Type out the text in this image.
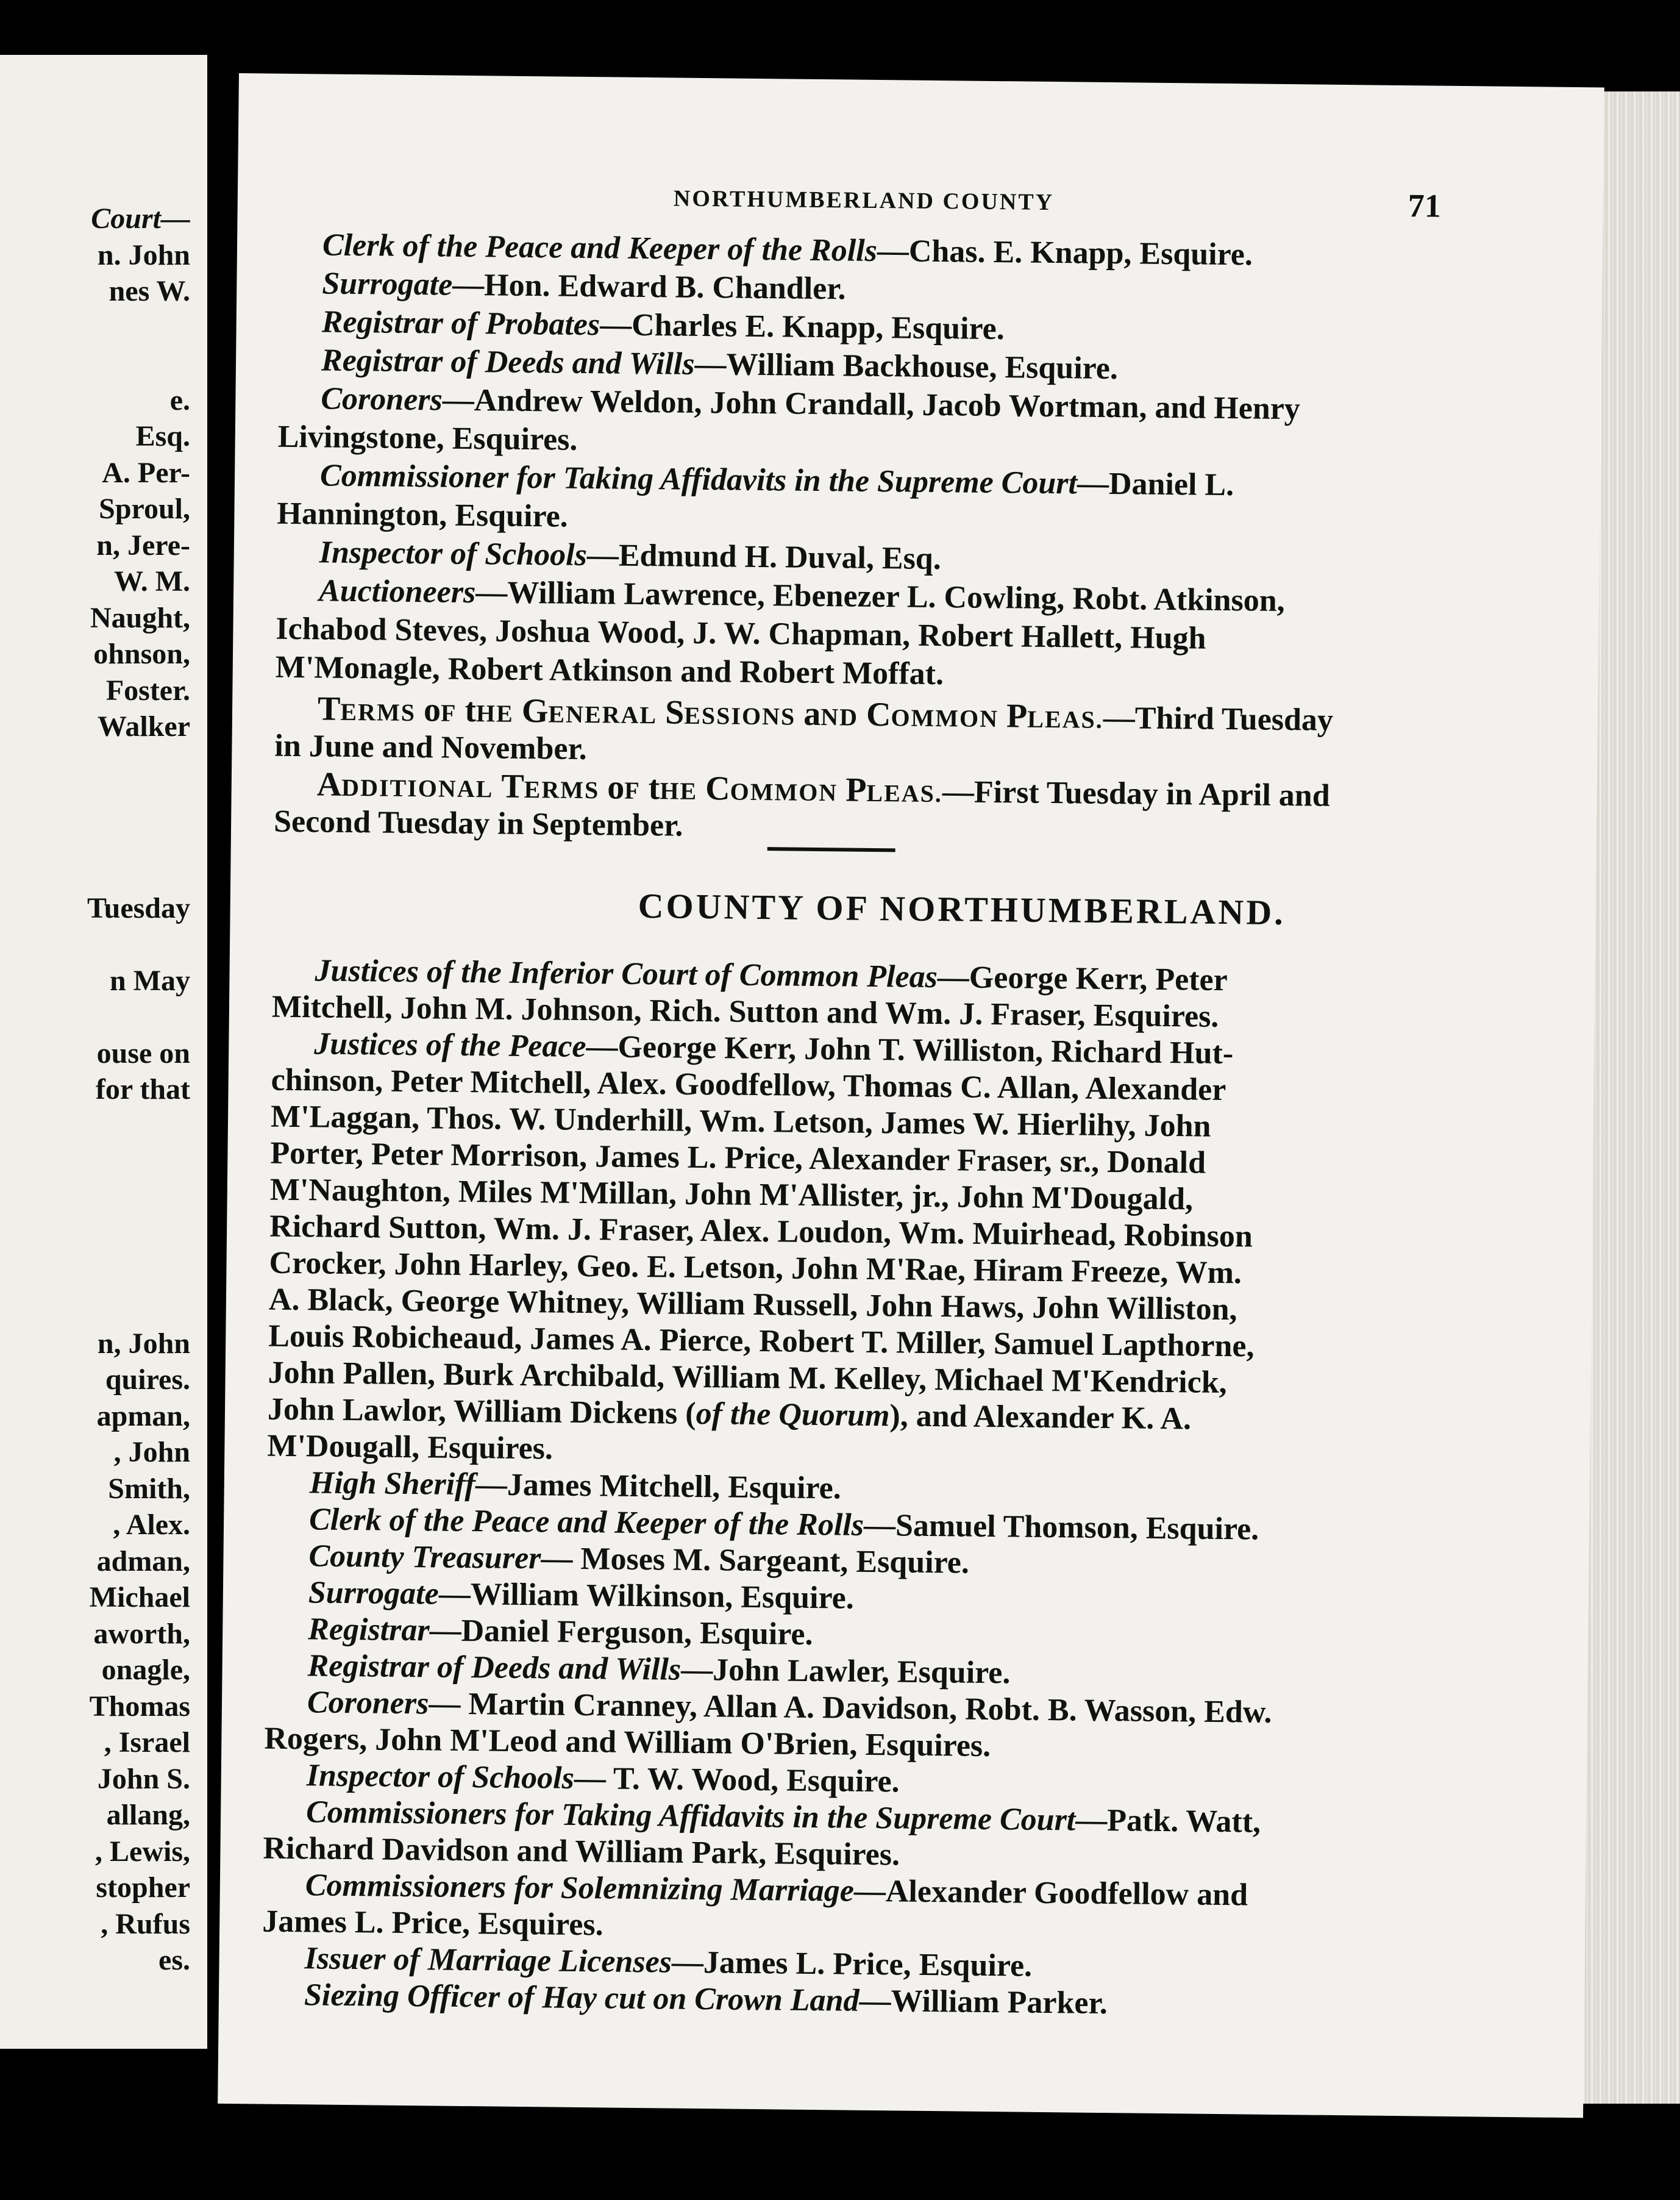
Court—
n. John
nes W.
e.
Esq.
A. Per-
Sproul,
n, Jere-
W. M.
Naught,
ohnson,
Foster.
Walker
Tuesday
n May
ouse on
for that
n, John
quires.
apman,
, John
Smith,
, Alex.
adman,
Michael
aworth,
onagle,
Thomas
, Israel
John S.
allang,
, Lewis,
stopher
, Rufus
es.
NORTHUMBERLAND COUNTY	71
Clerk of the Peace and Keeper of the Rolls—Chas. E. Knapp, Esquire.
Surrogate—Hon. Edward B. Chandler.
Registrar of Probates—Charles E. Knapp, Esquire.
Registrar of Deeds and Wills—William Backhouse, Esquire.
Coroners—Andrew Weldon, John Crandall, Jacob Wortman, and Henry
Livingstone, Esquires.
Commissioner for Taking Affidavits in the Supreme Court—Daniel L.
Hannington, Esquire.
Inspector of Schools—Edmund H. Duval, Esq.
Auctioneers—William Lawrence, Ebenezer L. Cowling, Robt. Atkinson,
Ichabod Steves, Joshua Wood, J. W. Chapman, Robert Hallett, Hugh
M'Monagle, Robert Atkinson and Robert Moffat.
TERMS oF tHE GENERAL SESSIONS aND COMMON PLEAS.—Third Tuesday
in June and November.
ADDITIONAL TERMS oF tHE COMMON PLEAS.—First Tuesday in April and
Second Tuesday in September.
COUNTY OF NORTHUMBERLAND.
Justices of the Inferior Court of Common Pleas—George Kerr, Peter
Mitchell, John M. Johnson, Rich. Sutton and Wm. J. Fraser, Esquires.
Justices of the Peace—George Kerr, John T. Williston, Richard Hut-
chinson, Peter Mitchell, Alex. Goodfellow, Thomas C. Allan, Alexander
M'Laggan, Thos. W. Underhill, Wm. Letson, James W. Hierlihy, John
Porter, Peter Morrison, James L. Price, Alexander Fraser, sr., Donald
M'Naughton, Miles M'Millan, John M'Allister, jr., John M'Dougald,
Richard Sutton, Wm. J. Fraser, Alex. Loudon, Wm. Muirhead, Robinson
Crocker, John Harley, Geo. E. Letson, John M'Rae, Hiram Freeze, Wm.
A. Black, George Whitney, William Russell, John Haws, John Williston,
Louis Robicheaud, James A. Pierce, Robert T. Miller, Samuel Lapthorne,
John Pallen, Burk Archibald, William M. Kelley, Michael M'Kendrick,
John Lawlor, William Dickens (of the Quorum), and Alexander K. A.
M'Dougall, Esquires.
High Sheriff—James Mitchell, Esquire.
Clerk of the Peace and Keeper of the Rolls—Samuel Thomson, Esquire.
County Treasurer— Moses M. Sargeant, Esquire.
Surrogate—William Wilkinson, Esquire.
Registrar—Daniel Ferguson, Esquire.
Registrar of Deeds and Wills—John Lawler, Esquire.
Coroners— Martin Cranney, Allan A. Davidson, Robt. B. Wasson, Edw.
Rogers, John M'Leod and William O'Brien, Esquires.
Inspector of Schools— T. W. Wood, Esquire.
Commissioners for Taking Affidavits in the Supreme Court—Patk. Watt,
Richard Davidson and William Park, Esquires.
Commissioners for Solemnizing Marriage—Alexander Goodfellow and
James L. Price, Esquires.
Issuer of Marriage Licenses—James L. Price, Esquire.
Siezing Officer of Hay cut on Crown Land—William Parker.
